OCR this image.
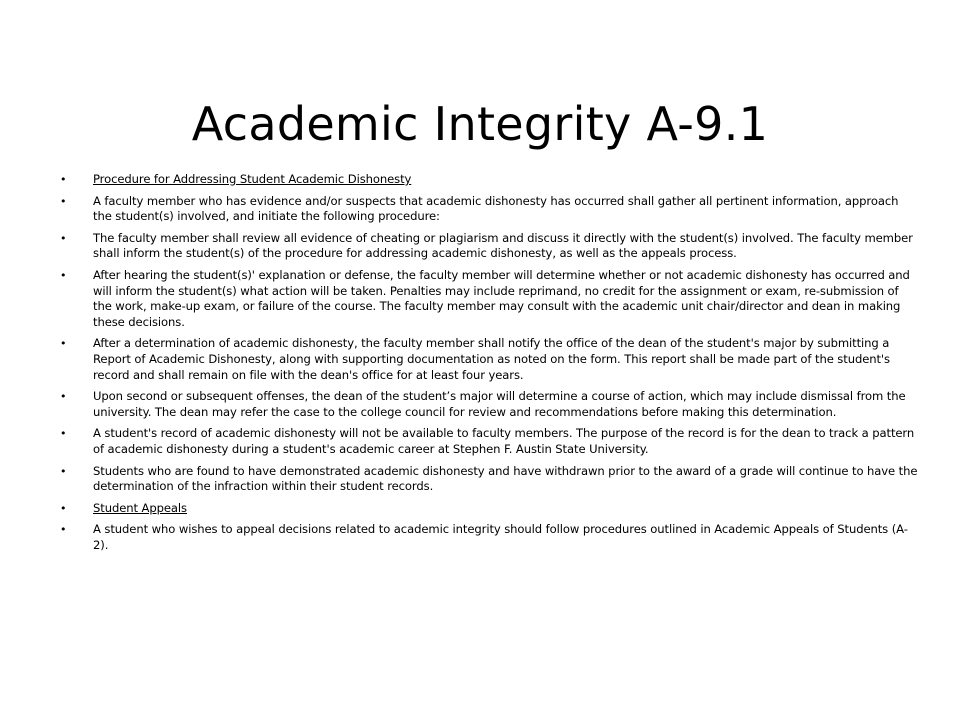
Academic Integrity A-9.1
•	Procedure for Addressing Student Academic Dishonesty
•	A faculty member who has evidence and/or suspects that academic dishonesty has occurred shall gather all pertinent information, approach the student(s) involved, and initiate the following procedure:
•	The faculty member shall review all evidence of cheating or plagiarism and discuss it directly with the student(s) involved. The faculty member shall inform the student(s) of the procedure for addressing academic dishonesty, as well as the appeals process.
•	After hearing the student(s)' explanation or defense, the faculty member will determine whether or not academic dishonesty has occurred and will inform the student(s) what action will be taken. Penalties may include reprimand, no credit for the assignment or exam, re-submission of the work, make-up exam, or failure of the course. The faculty member may consult with the academic unit chair/director and dean in making these decisions.
•	After a determination of academic dishonesty, the faculty member shall notify the office of the dean of the student's major by submitting a Report of Academic Dishonesty, along with supporting documentation as noted on the form. This report shall be made part of the student's record and shall remain on file with the dean's office for at least four years.
•	Upon second or subsequent offenses, the dean of the student’s major will determine a course of action, which may include dismissal from the university. The dean may refer the case to the college council for review and recommendations before making this determination.
•	A student's record of academic dishonesty will not be available to faculty members. The purpose of the record is for the dean to track a pattern of academic dishonesty during a student's academic career at Stephen F. Austin State University.
•	Students who are found to have demonstrated academic dishonesty and have withdrawn prior to the award of a grade will continue to have the determination of the infraction within their student records.
•	Student Appeals
•	A student who wishes to appeal decisions related to academic integrity should follow procedures outlined in Academic Appeals of Students (A-2).
